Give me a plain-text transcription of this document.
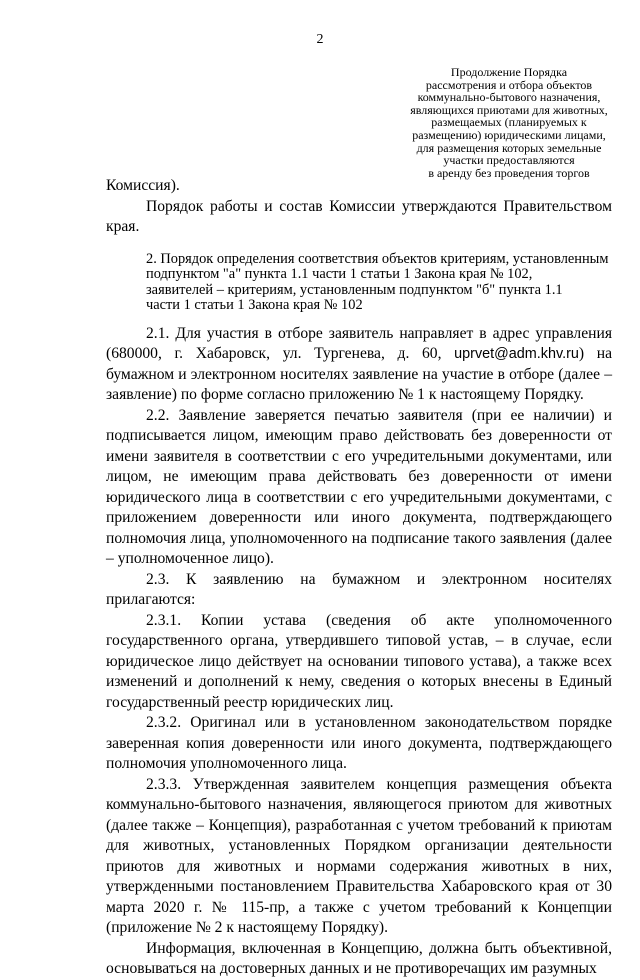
2
Продолжение Порядка
рассмотрения и отбора объектов
коммунально-бытового назначения,
являющихся приютами для животных,
размещаемых (планируемых к
размещению) юридическими лицами,
для размещения которых земельные
участки предоставляются
в аренду без проведения торгов

Комиссия).

Порядок работы и состав Комиссии утверждаются Правительством края.

2. Порядок определения соответствия объектов критериям, установленным
подпунктом "а" пункта 1.1 части 1 статьи 1 Закона края № 102,
заявителей – критериям, установленным подпунктом "б" пункта 1.1
части 1 статьи 1 Закона края № 102

2.1. Для участия в отборе заявитель направляет в адрес управления (680000, г. Хабаровск, ул. Тургенева, д. 60, uprvet@adm.khv.ru) на бумажном и электронном носителях заявление на участие в отборе (далее – заявление) по форме согласно приложению № 1 к настоящему Порядку.

2.2. Заявление заверяется печатью заявителя (при ее наличии) и подписывается лицом, имеющим право действовать без доверенности от имени заявителя в соответствии с его учредительными документами, или лицом, не имеющим права действовать без доверенности от имени юридического лица в соответствии с его учредительными документами, с приложением доверенности или иного документа, подтверждающего полномочия лица, уполномоченного на подписание такого заявления (далее – уполномоченное лицо).

2.3. К заявлению на бумажном и электронном носителях прилагаются:

2.3.1. Копии устава (сведения об акте уполномоченного государственного органа, утвердившего типовой устав, – в случае, если юридическое лицо действует на основании типового устава), а также всех изменений и дополнений к нему, сведения о которых внесены в Единый государственный реестр юридических лиц.

2.3.2. Оригинал или в установленном законодательством порядке заверенная копия доверенности или иного документа, подтверждающего полномочия уполномоченного лица.

2.3.3. Утвержденная заявителем концепция размещения объекта коммунально-бытового назначения, являющегося приютом для животных (далее также – Концепция), разработанная с учетом требований к приютам для животных, установленных Порядком организации деятельности приютов для животных и нормами содержания животных в них, утвержденными постановлением Правительства Хабаровского края от 30 марта 2020 г. № 115-пр, а также с учетом требований к Концепции (приложение № 2 к настоящему Порядку).

Информация, включенная в Концепцию, должна быть объективной, основываться на достоверных данных и не противоречащих им разумных
